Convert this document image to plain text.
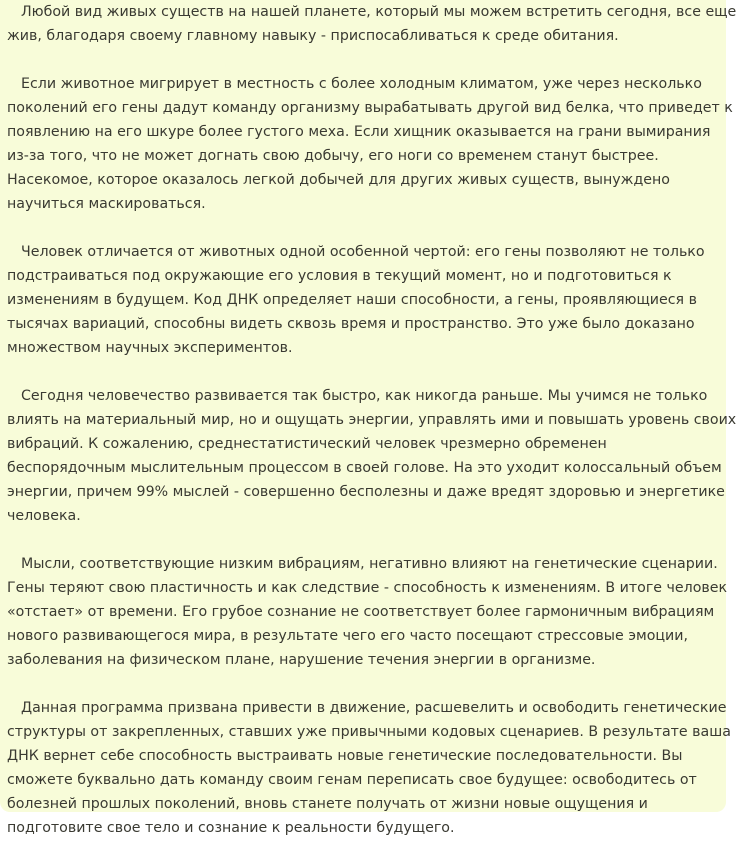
Любой вид живых существ на нашей планете, который мы можем встретить сегодня, все еще
жив, благодаря своему главному навыку - приспосабливаться к среде обитания.
Если животное мигрирует в местность с более холодным климатом, уже через несколько
поколений его гены дадут команду организму вырабатывать другой вид белка, что приведет к
появлению на его шкуре более густого меха. Если хищник оказывается на грани вымирания
из-за того, что не может догнать свою добычу, его ноги со временем станут быстрее.
Насекомое, которое оказалось легкой добычей для других живых существ, вынуждено
научиться маскироваться.
Человек отличается от животных одной особенной чертой: его гены позволяют не только
подстраиваться под окружающие его условия в текущий момент, но и подготовиться к
изменениям в будущем. Код ДНК определяет наши способности, а гены, проявляющиеся в
тысячах вариаций, способны видеть сквозь время и пространство. Это уже было доказано
множеством научных экспериментов.
Сегодня человечество развивается так быстро, как никогда раньше. Мы учимся не только
влиять на материальный мир, но и ощущать энергии, управлять ими и повышать уровень своих
вибраций. К сожалению, среднестатистический человек чрезмерно обременен
беспорядочным мыслительным процессом в своей голове. На это уходит колоссальный объем
энергии, причем 99% мыслей - совершенно бесполезны и даже вредят здоровью и энергетике
человека.
Мысли, соответствующие низким вибрациям, негативно влияют на генетические сценарии.
Гены теряют свою пластичность и как следствие - способность к изменениям. В итоге человек
«отстает» от времени. Его грубое сознание не соответствует более гармоничным вибрациям
нового развивающегося мира, в результате чего его часто посещают стрессовые эмоции,
заболевания на физическом плане, нарушение течения энергии в организме.
Данная программа призвана привести в движение, расшевелить и освободить генетические
структуры от закрепленных, ставших уже привычными кодовых сценариев. В результате ваша
ДНК вернет себе способность выстраивать новые генетические последовательности. Вы
сможете буквально дать команду своим генам переписать свое будущее: освободитесь от
болезней прошлых поколений, вновь станете получать от жизни новые ощущения и
подготовите свое тело и сознание к реальности будущего.
